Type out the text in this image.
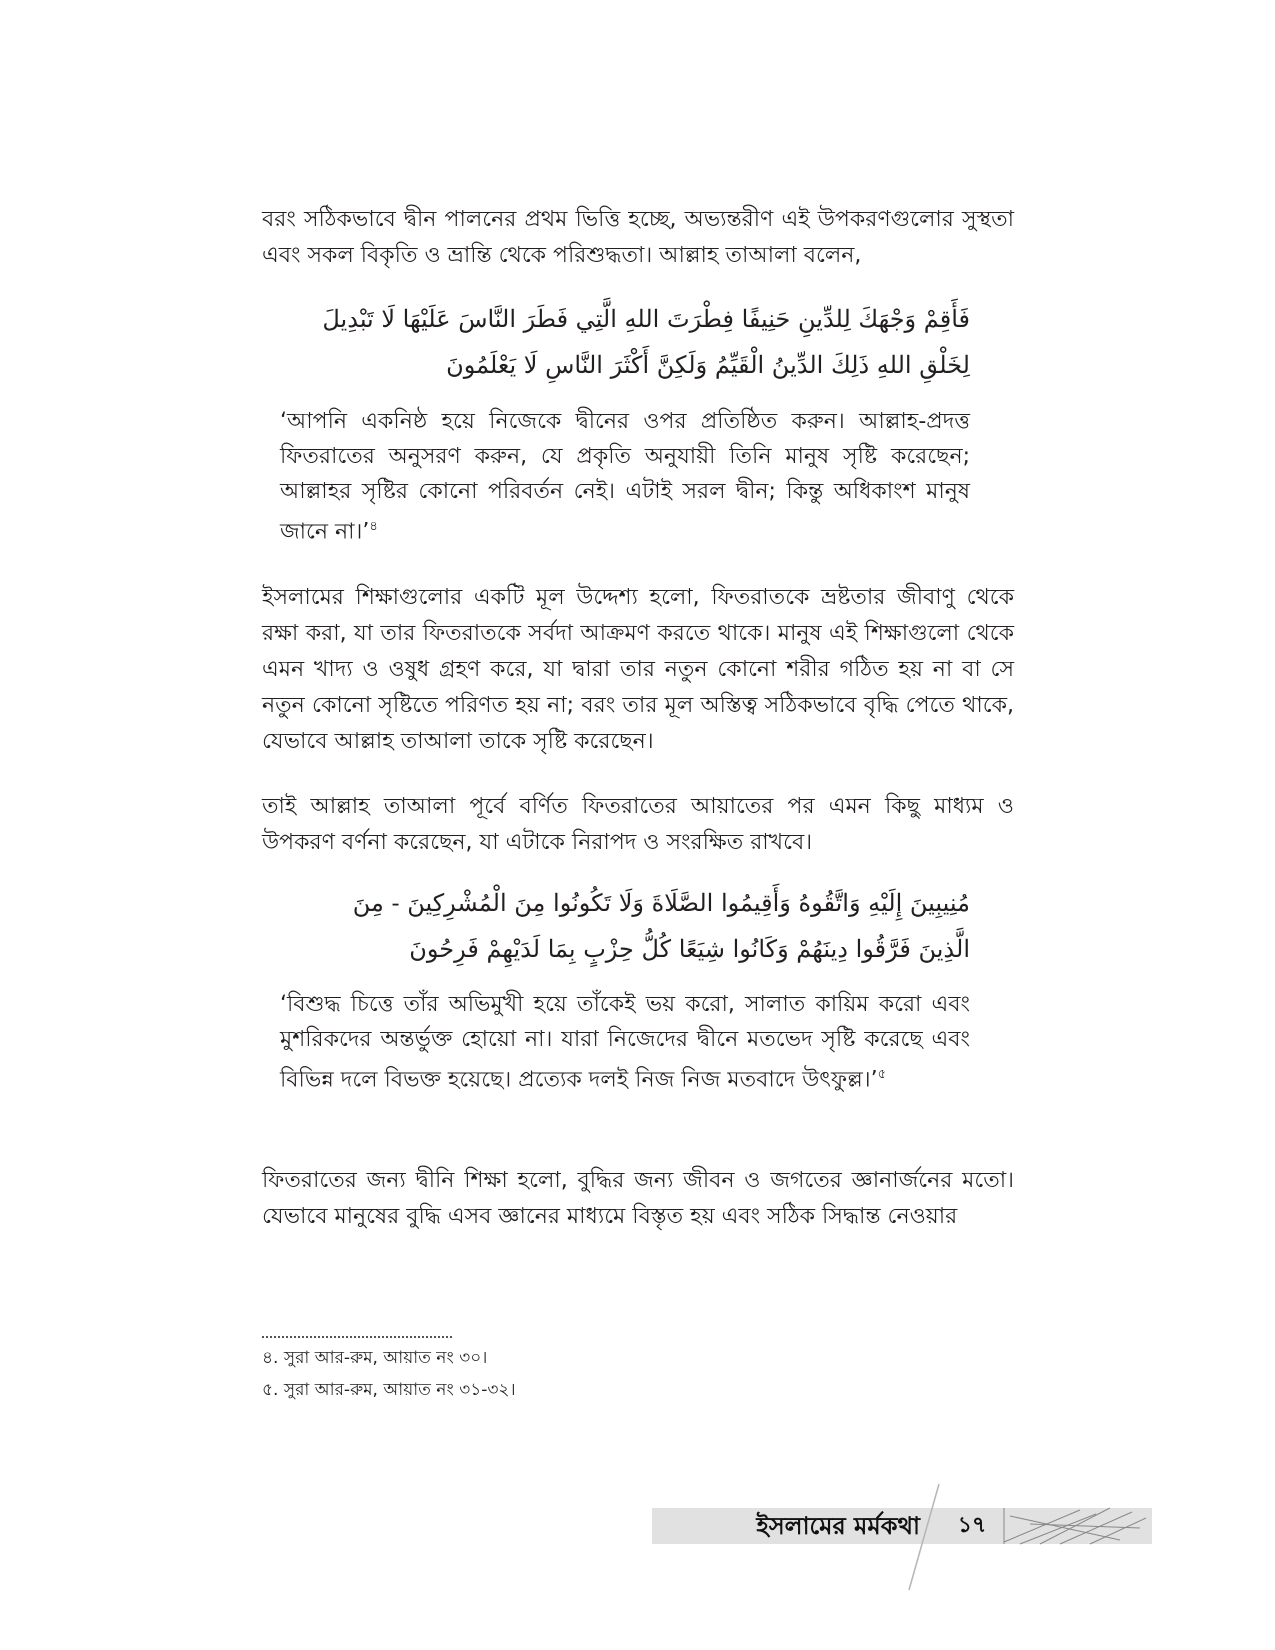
বরং সঠিকভাবে দ্বীন পালনের প্রথম ভিত্তি হচ্ছে, অভ্যন্তরীণ এই উপকরণগুলোর সুস্থতা এবং সকল বিকৃতি ও ভ্রান্তি থেকে পরিশুদ্ধতা। আল্লাহ তাআলা বলেন,

فَأَقِمْ وَجْهَكَ لِلدِّينِ حَنِيفًا فِطْرَتَ اللهِ الَّتِي فَطَرَ النَّاسَ عَلَيْهَا لَا تَبْدِيلَ لِخَلْقِ اللهِ ذَلِكَ الدِّينُ الْقَيِّمُ وَلَكِنَّ أَكْثَرَ النَّاسِ لَا يَعْلَمُونَ

‘আপনি একনিষ্ঠ হয়ে নিজেকে দ্বীনের ওপর প্রতিষ্ঠিত করুন। আল্লাহ-প্রদত্ত ফিতরাতের অনুসরণ করুন, যে প্রকৃতি অনুযায়ী তিনি মানুষ সৃষ্টি করেছেন; আল্লাহর সৃষ্টির কোনো পরিবর্তন নেই। এটাই সরল দ্বীন; কিন্তু অধিকাংশ মানুষ জানে না।’$^৪$

ইসলামের শিক্ষাগুলোর একটি মূল উদ্দেশ্য হলো, ফিতরাতকে ভ্রষ্টতার জীবাণু থেকে রক্ষা করা, যা তার ফিতরাতকে সর্বদা আক্রমণ করতে থাকে। মানুষ এই শিক্ষাগুলো থেকে এমন খাদ্য ও ওষুধ গ্রহণ করে, যা দ্বারা তার নতুন কোনো শরীর গঠিত হয় না বা সে নতুন কোনো সৃষ্টিতে পরিণত হয় না; বরং তার মূল অস্তিত্ব সঠিকভাবে বৃদ্ধি পেতে থাকে, যেভাবে আল্লাহ তাআলা তাকে সৃষ্টি করেছেন।

তাই আল্লাহ তাআলা পূর্বে বর্ণিত ফিতরাতের আয়াতের পর এমন কিছু মাধ্যম ও উপকরণ বর্ণনা করেছেন, যা এটাকে নিরাপদ ও সংরক্ষিত রাখবে।

مُنِيبِينَ إِلَيْهِ وَاتَّقُوهُ وَأَقِيمُوا الصَّلَاةَ وَلَا تَكُونُوا مِنَ الْمُشْرِكِينَ - مِنَ الَّذِينَ فَرَّقُوا دِينَهُمْ وَكَانُوا شِيَعًا كُلُّ حِزْبٍ بِمَا لَدَيْهِمْ فَرِحُونَ

‘বিশুদ্ধ চিত্তে তাঁর অভিমুখী হয়ে তাঁকেই ভয় করো, সালাত কায়িম করো এবং মুশরিকদের অন্তর্ভুক্ত হোয়ো না। যারা নিজেদের দ্বীনে মতভেদ সৃষ্টি করেছে এবং বিভিন্ন দলে বিভক্ত হয়েছে। প্রত্যেক দলই নিজ নিজ মতবাদে উৎফুল্ল।’$^৫$

ফিতরাতের জন্য দ্বীনি শিক্ষা হলো, বুদ্ধির জন্য জীবন ও জগতের জ্ঞানার্জনের মতো। যেভাবে মানুষের বুদ্ধি এসব জ্ঞানের মাধ্যমে বিস্তৃত হয় এবং সঠিক সিদ্ধান্ত নেওয়ার

৪. সুরা আর-রুম, আয়াত নং ৩০।

৫. সুরা আর-রুম, আয়াত নং ৩১-৩২।

ইসলামের মর্মকথা	১৭
